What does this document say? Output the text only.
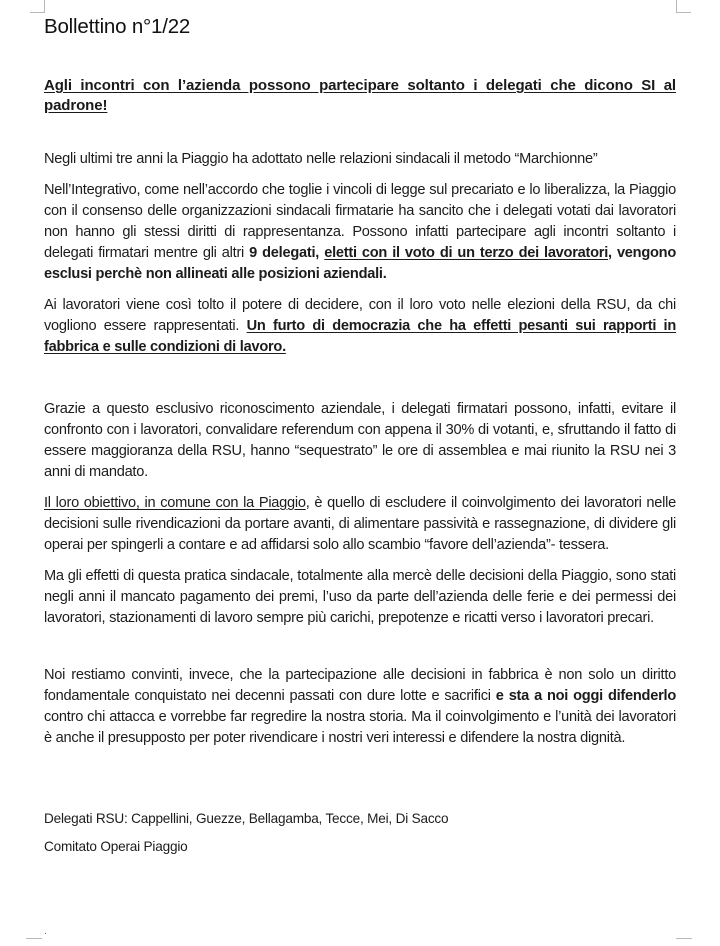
Bollettino n°1/22
Agli incontri con l’azienda possono partecipare soltanto i delegati che dicono SI al padrone!

Negli ultimi tre anni la Piaggio ha adottato nelle relazioni sindacali il metodo “Marchionne”

Nell’Integrativo, come nell’accordo che toglie i vincoli di legge sul precariato e lo liberalizza, la Piaggio con il consenso delle organizzazioni sindacali firmatarie ha sancito che i delegati votati dai lavoratori non hanno gli stessi diritti di rappresentanza. Possono infatti partecipare agli incontri soltanto i delegati firmatari mentre gli altri 9 delegati, eletti con il voto di un terzo dei lavoratori, vengono esclusi perchè non allineati alle posizioni aziendali.

Ai lavoratori viene così tolto il potere di decidere, con il loro voto nelle elezioni della RSU, da chi vogliono essere rappresentati. Un furto di democrazia che ha effetti pesanti sui rapporti in fabbrica e sulle condizioni di lavoro.

Grazie a questo esclusivo riconoscimento aziendale, i delegati firmatari possono, infatti, evitare il confronto con i lavoratori, convalidare referendum con appena il 30% di votanti, e, sfruttando il fatto di essere maggioranza della RSU, hanno “sequestrato” le ore di assemblea e mai riunito la RSU nei 3 anni di mandato.

Il loro obiettivo, in comune con la Piaggio, è quello di escludere il coinvolgimento dei lavoratori nelle decisioni sulle rivendicazioni da portare avanti, di alimentare passività e rassegnazione, di dividere gli operai per spingerli a contare e ad affidarsi solo allo scambio “favore dell’azienda”- tessera.

Ma gli effetti di questa pratica sindacale, totalmente alla mercè delle decisioni della Piaggio, sono stati negli anni il mancato pagamento dei premi, l’uso da parte dell’azienda delle ferie e dei permessi dei lavoratori, stazionamenti di lavoro sempre più carichi, prepotenze e ricatti verso i lavoratori precari.

Noi restiamo convinti, invece, che la partecipazione alle decisioni in fabbrica è non solo un diritto fondamentale conquistato nei decenni passati con dure lotte e sacrifici e sta a noi oggi difenderlo contro chi attacca e vorrebbe far regredire la nostra storia. Ma il coinvolgimento e l’unità dei lavoratori è anche il presupposto per poter rivendicare i nostri veri interessi e difendere la nostra dignità.

Delegati RSU: Cappellini, Guezze, Bellagamba, Tecce, Mei, Di Sacco

Comitato Operai Piaggio

.
